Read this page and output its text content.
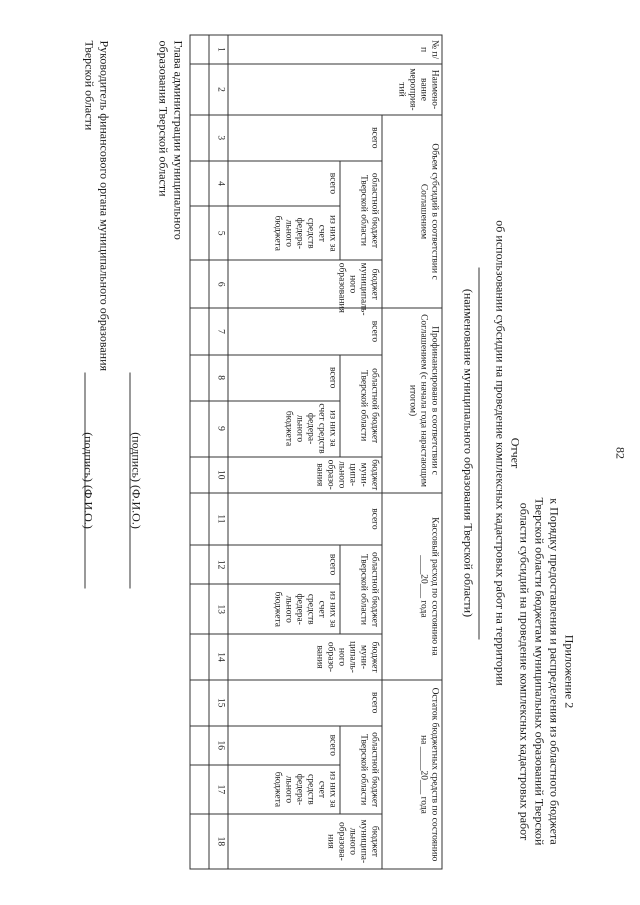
82
Приложение 2
к Порядку предоставления и распределения из областного бюджета
Тверской области бюджетам муниципальных образований Тверской
области субсидий на проведение комплексных кадастровых работ
Отчет
об использовании субсидии на проведение комплексных кадастровых работ на территории
(наименование муниципального образования Тверской области)
№ п/п	Наимено-вание мероприя-тий	Объем субсидий в соответствии с Соглашением				Профинансировано в соответствии с Соглашением (с начала года нарастающим итогом)				Кассовый расход по состоянию на ____20___ года				Остаток бюджетных средств по состоянию на _____20___ года			
		всего	областной бюджет Тверской области		бюджет муниципаль-ного образования	всего	областной бюджет Тверской области		бюджет муни-ципа-льного образо-вания	всего	областной бюджет Тверской области		бюджет муни-ципаль-ного образо-вания	всего	областной бюджет Тверской области		бюджет муниципа-льного образова-ния
			всего	из них за счет средств федера-льного бюджета			всего	из них за счет средств федера-льного бюджета			всего	из них за счет средств федера-льного бюджета			всего	из них за счет средств федера-льного бюджета	
1	2	3	4	5	6	7	8	9	10	11	12	13	14	15	16	17	18

Глава администрации муниципального
образования Тверской области
(подпись) (Ф.И.О.)
Руководитель финансового органа муниципального образования
Тверской области
(подпись) (Ф.И.О.)
